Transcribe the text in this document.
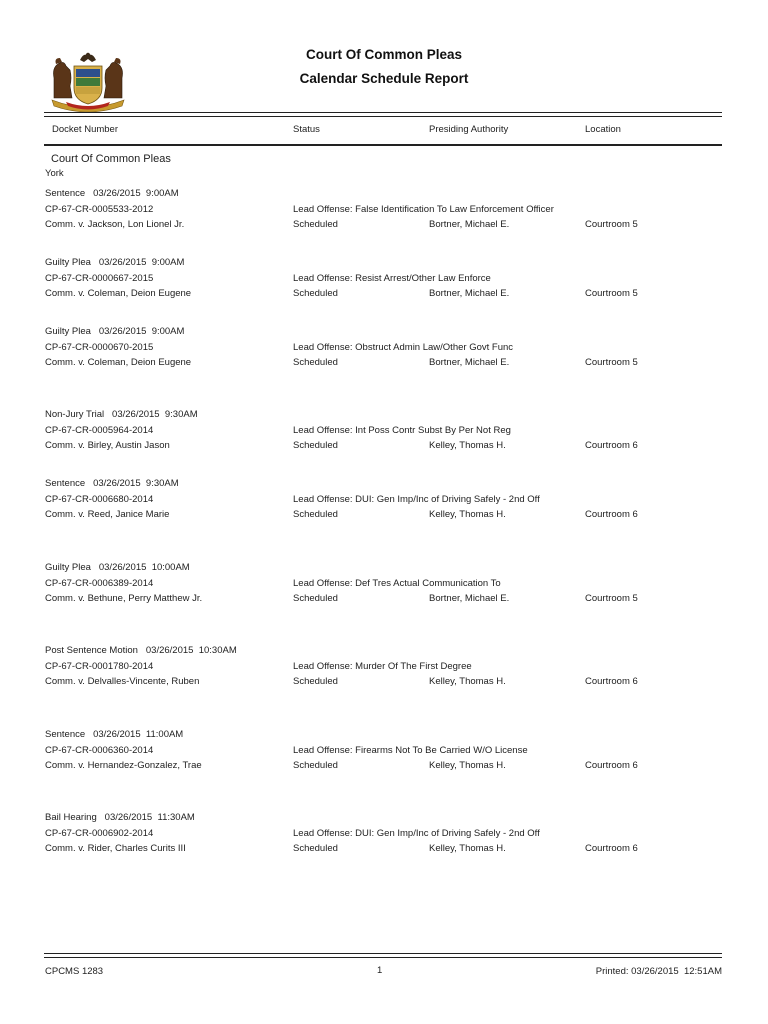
Court Of Common Pleas
Calendar Schedule Report
Docket Number	Status	Presiding Authority	Location
Court Of Common Pleas
York
Sentence 03/26/2015 9:00AM
CP-67-CR-0005533-2012	Lead Offense: False Identification To Law Enforcement Officer
Comm. v. Jackson, Lon Lionel Jr.	Scheduled	Bortner, Michael E.	Courtroom 5
Guilty Plea 03/26/2015 9:00AM
CP-67-CR-0000667-2015	Lead Offense: Resist Arrest/Other Law Enforce
Comm. v. Coleman, Deion Eugene	Scheduled	Bortner, Michael E.	Courtroom 5
Guilty Plea 03/26/2015 9:00AM
CP-67-CR-0000670-2015	Lead Offense: Obstruct Admin Law/Other Govt Func
Comm. v. Coleman, Deion Eugene	Scheduled	Bortner, Michael E.	Courtroom 5
Non-Jury Trial 03/26/2015 9:30AM
CP-67-CR-0005964-2014	Lead Offense: Int Poss Contr Subst By Per Not Reg
Comm. v. Birley, Austin Jason	Scheduled	Kelley, Thomas H.	Courtroom 6
Sentence 03/26/2015 9:30AM
CP-67-CR-0006680-2014	Lead Offense: DUI: Gen Imp/Inc of Driving Safely - 2nd Off
Comm. v. Reed, Janice Marie	Scheduled	Kelley, Thomas H.	Courtroom 6
Guilty Plea 03/26/2015 10:00AM
CP-67-CR-0006389-2014	Lead Offense: Def Tres Actual Communication To
Comm. v. Bethune, Perry Matthew Jr.	Scheduled	Bortner, Michael E.	Courtroom 5
Post Sentence Motion 03/26/2015 10:30AM
CP-67-CR-0001780-2014	Lead Offense: Murder Of The First Degree
Comm. v. Delvalles-Vincente, Ruben	Scheduled	Kelley, Thomas H.	Courtroom 6
Sentence 03/26/2015 11:00AM
CP-67-CR-0006360-2014	Lead Offense: Firearms Not To Be Carried W/O License
Comm. v. Hernandez-Gonzalez, Trae	Scheduled	Kelley, Thomas H.	Courtroom 6
Bail Hearing 03/26/2015 11:30AM
CP-67-CR-0006902-2014	Lead Offense: DUI: Gen Imp/Inc of Driving Safely - 2nd Off
Comm. v. Rider, Charles Curits III	Scheduled	Kelley, Thomas H.	Courtroom 6
CPCMS 1283	1	Printed: 03/26/2015  12:51AM
